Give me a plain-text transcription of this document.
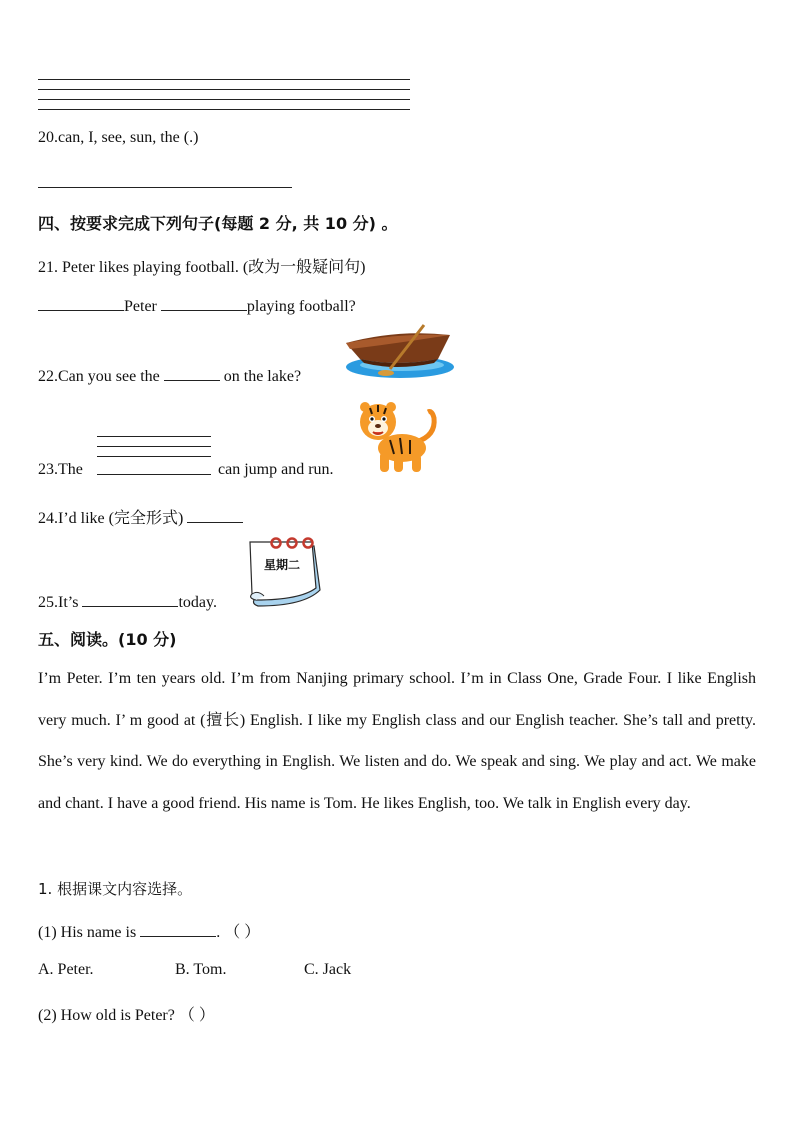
20.can, I, see, sun, the (.)
四、按要求完成下列句子(每题 2 分, 共 10 分) 。
21. Peter likes playing football. (改为一般疑问句)
Peter	playing football?
22.Can you see the	on the lake?
23.The	can jump and run.
24.I’d like (完全形式)
25.It’s	today.
星期二
五、阅读。(10 分)
I’m Peter. I’m ten years old. I’m from Nanjing primary school. I’m in Class One, Grade Four. I like English very much. I’ m good at (擅长) English. I like my English class and our English teacher. She’s tall and pretty. She’s very kind. We do everything in English. We listen and do. We speak and sing. We play and act. We make and chant. I have a good friend. His name is Tom. He likes English, too. We talk in English every day.
1. 根据课文内容选择。
(1) His name is	. （ ）
A. Peter.	B. Tom.	C. Jack
(2) How old is Peter? （ ）
